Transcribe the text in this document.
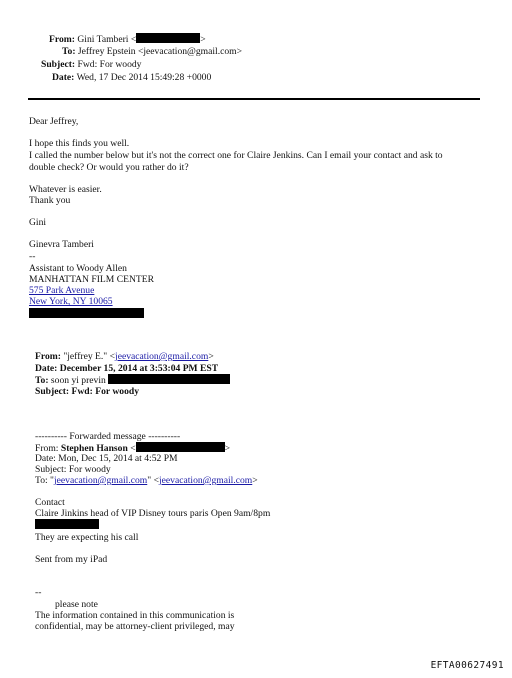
From: Gini Tamberi <	>
To: Jeffrey Epstein <jeevacation@gmail.com>
Subject: Fwd: For woody
Date: Wed, 17 Dec 2014 15:49:28 +0000
Dear Jeffrey,
I hope this finds you well.
I called the number below but it's not the correct one for Claire Jenkins. Can I email your contact and ask to
double check? Or would you rather do it?
Whatever is easier.
Thank you
Gini
Ginevra Tamberi
--
Assistant to Woody Allen
MANHATTAN FILM CENTER
575 Park Avenue
New York, NY 10065
From: "jeffrey E." <jeevacation@gmail.com>
Date: December 15, 2014 at 3:53:04 PM EST
To: soon yi previn
Subject: Fwd: For woody
---------- Forwarded message ----------
From: Stephen Hanson <	>
Date: Mon, Dec 15, 2014 at 4:52 PM
Subject: For woody
To: "jeevacation@gmail.com" <jeevacation@gmail.com>
Contact
Claire Jinkins head of VIP Disney tours paris Open 9am/8pm
They are expecting his call
Sent from my iPad
--
please note
The information contained in this communication is
confidential, may be attorney-client privileged, may
EFTA00627491
